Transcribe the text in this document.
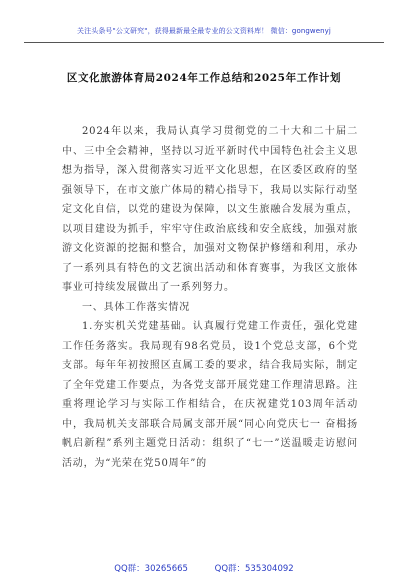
关注头条号"公文研究"，获得最新最全最专业的公文资料库！ 微信：gongwenyj
区文化旅游体育局2024年工作总结和2025年工作计划

2024年以来，我局认真学习贯彻党的二十大和二十届二中、三中全会精神，坚持以习近平新时代中国特色社会主义思想为指导，深入贯彻落实习近平文化思想，在区委区政府的坚强领导下，在市文旅广体局的精心指导下，我局以实际行动坚定文化自信，以党的建设为保障，以文生旅融合发展为重点，以项目建设为抓手，牢牢守住政治底线和安全底线，加强对旅游文化资源的挖掘和整合，加强对文物保护修缮和利用，承办了一系列具有特色的文艺演出活动和体育赛事，为我区文旅体事业可持续发展做出了一系列努力。

一、具体工作落实情况

1.夯实机关党建基础。认真履行党建工作责任，强化党建工作任务落实。我局现有98名党员，设1个党总支部，6个党支部。每年年初按照区直属工委的要求，结合我局实际，制定了全年党建工作要点，为各党支部开展党建工作理清思路。注重将理论学习与实际工作相结合，在庆祝建党103周年活动中，我局机关支部联合局属支部开展“同心向党庆七一 奋楫扬帆启新程”系列主题党日活动：组织了“七一”送温暖走访慰问活动，为“光荣在党50周年”的

QQ群：30265665	QQ群：535304092
